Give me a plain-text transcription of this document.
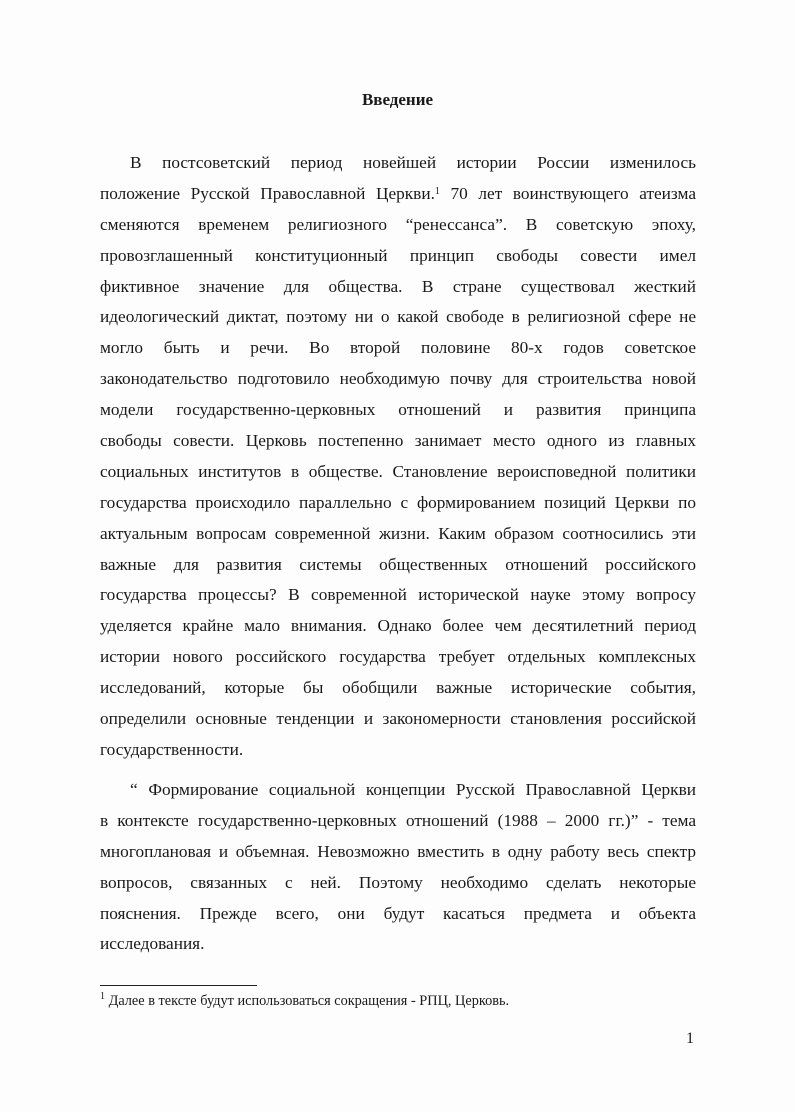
Введение
В постсоветский период новейшей истории России изменилось
положение Русской Православной Церкви.$^1$ 70 лет воинствующего атеизма
сменяются временем религиозного “ренессанса”. В советскую эпоху,
провозглашенный конституционный принцип свободы совести имел
фиктивное значение для общества. В стране существовал жесткий
идеологический диктат, поэтому ни о какой свободе в религиозной сфере не
могло быть и речи. Во второй половине 80-х годов советское
законодательство подготовило необходимую почву для строительства новой
модели государственно-церковных отношений и развития принципа
свободы совести. Церковь постепенно занимает место одного из главных
социальных институтов в обществе. Становление вероисповедной политики
государства происходило параллельно с формированием позиций Церкви по
актуальным вопросам современной жизни. Каким образом соотносились эти
важные для развития системы общественных отношений российского
государства процессы? В современной исторической науке этому вопросу
уделяется крайне мало внимания. Однако более чем десятилетний период
истории нового российского государства требует отдельных комплексных
исследований, которые бы обобщили важные исторические события,
определили основные тенденции и закономерности становления российской
государственности.
“ Формирование социальной концепции Русской Православной Церкви
в контексте государственно-церковных отношений (1988 – 2000 гг.)” - тема
многоплановая и объемная. Невозможно вместить в одну работу весь спектр
вопросов, связанных с ней. Поэтому необходимо сделать некоторые
пояснения. Прежде всего, они будут касаться предмета и объекта
исследования.
$^1$ Далее в тексте будут использоваться сокращения - РПЦ, Церковь.
1
